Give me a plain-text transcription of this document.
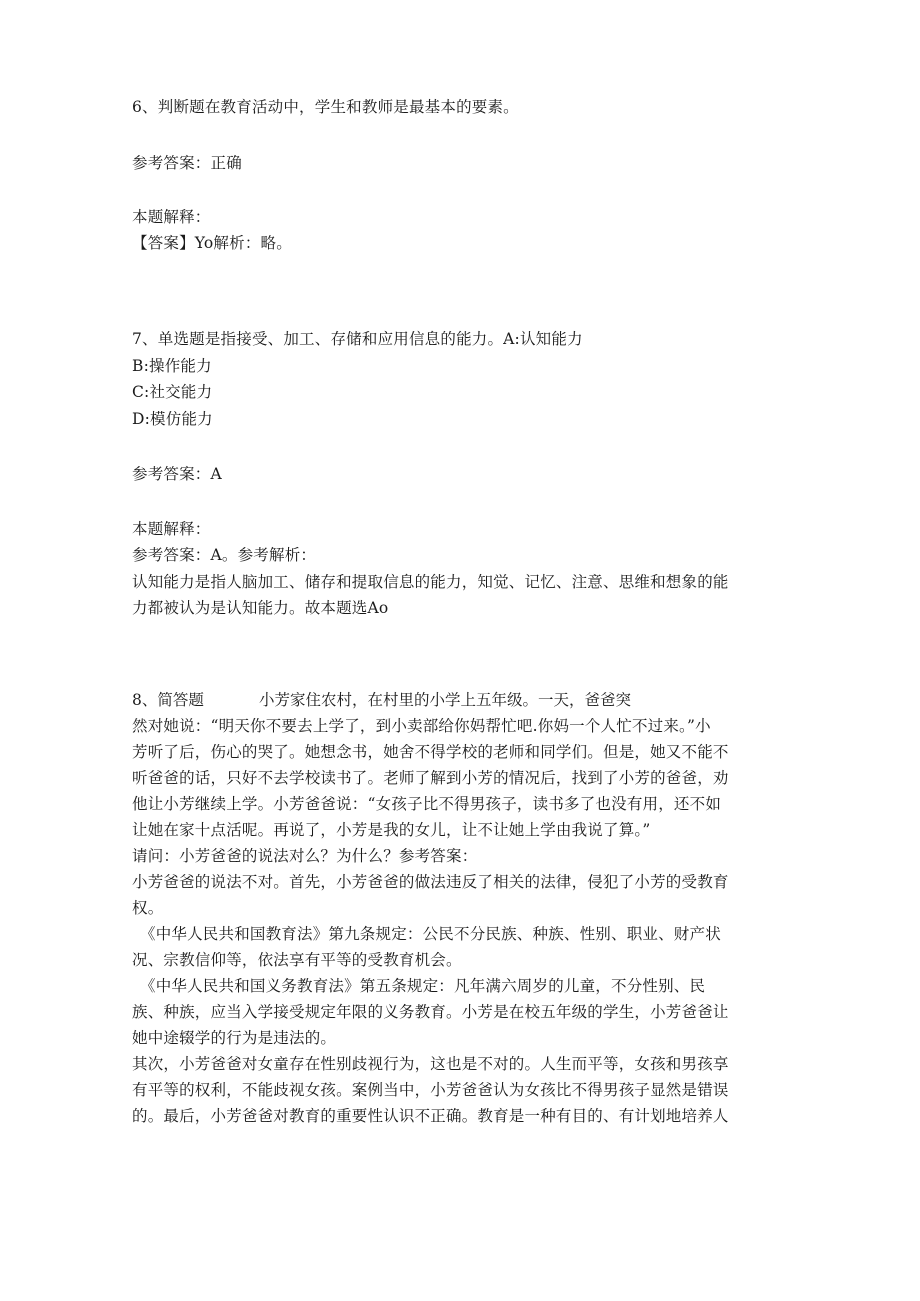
6、判断题在教育活动中，学生和教师是最基本的要素。
参考答案：正确
本题解释：
【答案】Yo解析：略。
7、单选题是指接受、加工、存储和应用信息的能力。A:认知能力
B:操作能力
C:社交能力
D:模仿能力
参考答案：A
本题解释：
参考答案：A。参考解析：
认知能力是指人脑加工、储存和提取信息的能力，知觉、记忆、注意、思维和想象的能
力都被认为是认知能力。故本题选Ao
8、简答题	小芳家住农村，在村里的小学上五年级。一天，爸爸突
然对她说：“明天你不要去上学了，到小卖部给你妈帮忙吧.你妈一个人忙不过来。”小
芳听了后，伤心的哭了。她想念书，她舍不得学校的老师和同学们。但是，她又不能不
听爸爸的话，只好不去学校读书了。老师了解到小芳的情况后，找到了小芳的爸爸，劝
他让小芳继续上学。小芳爸爸说：“女孩子比不得男孩子，读书多了也没有用，还不如
让她在家十点活呢。再说了，小芳是我的女儿，让不让她上学由我说了算。”
请问：小芳爸爸的说法对么？为什么？参考答案：
小芳爸爸的说法不对。首先，小芳爸爸的做法违反了相关的法律，侵犯了小芳的受教育
权。
《中华人民共和国教育法》第九条规定：公民不分民族、种族、性别、职业、财产状
况、宗教信仰等，依法享有平等的受教育机会。
《中华人民共和国义务教育法》第五条规定：凡年满六周岁的儿童，不分性别、民
族、种族，应当入学接受规定年限的义务教育。小芳是在校五年级的学生，小芳爸爸让
她中途辍学的行为是违法的。
其次，小芳爸爸对女童存在性别歧视行为，这也是不对的。人生而平等，女孩和男孩享
有平等的权利，不能歧视女孩。案例当中，小芳爸爸认为女孩比不得男孩子显然是错误
的。最后，小芳爸爸对教育的重要性认识不正确。教育是一种有目的、有计划地培养人
